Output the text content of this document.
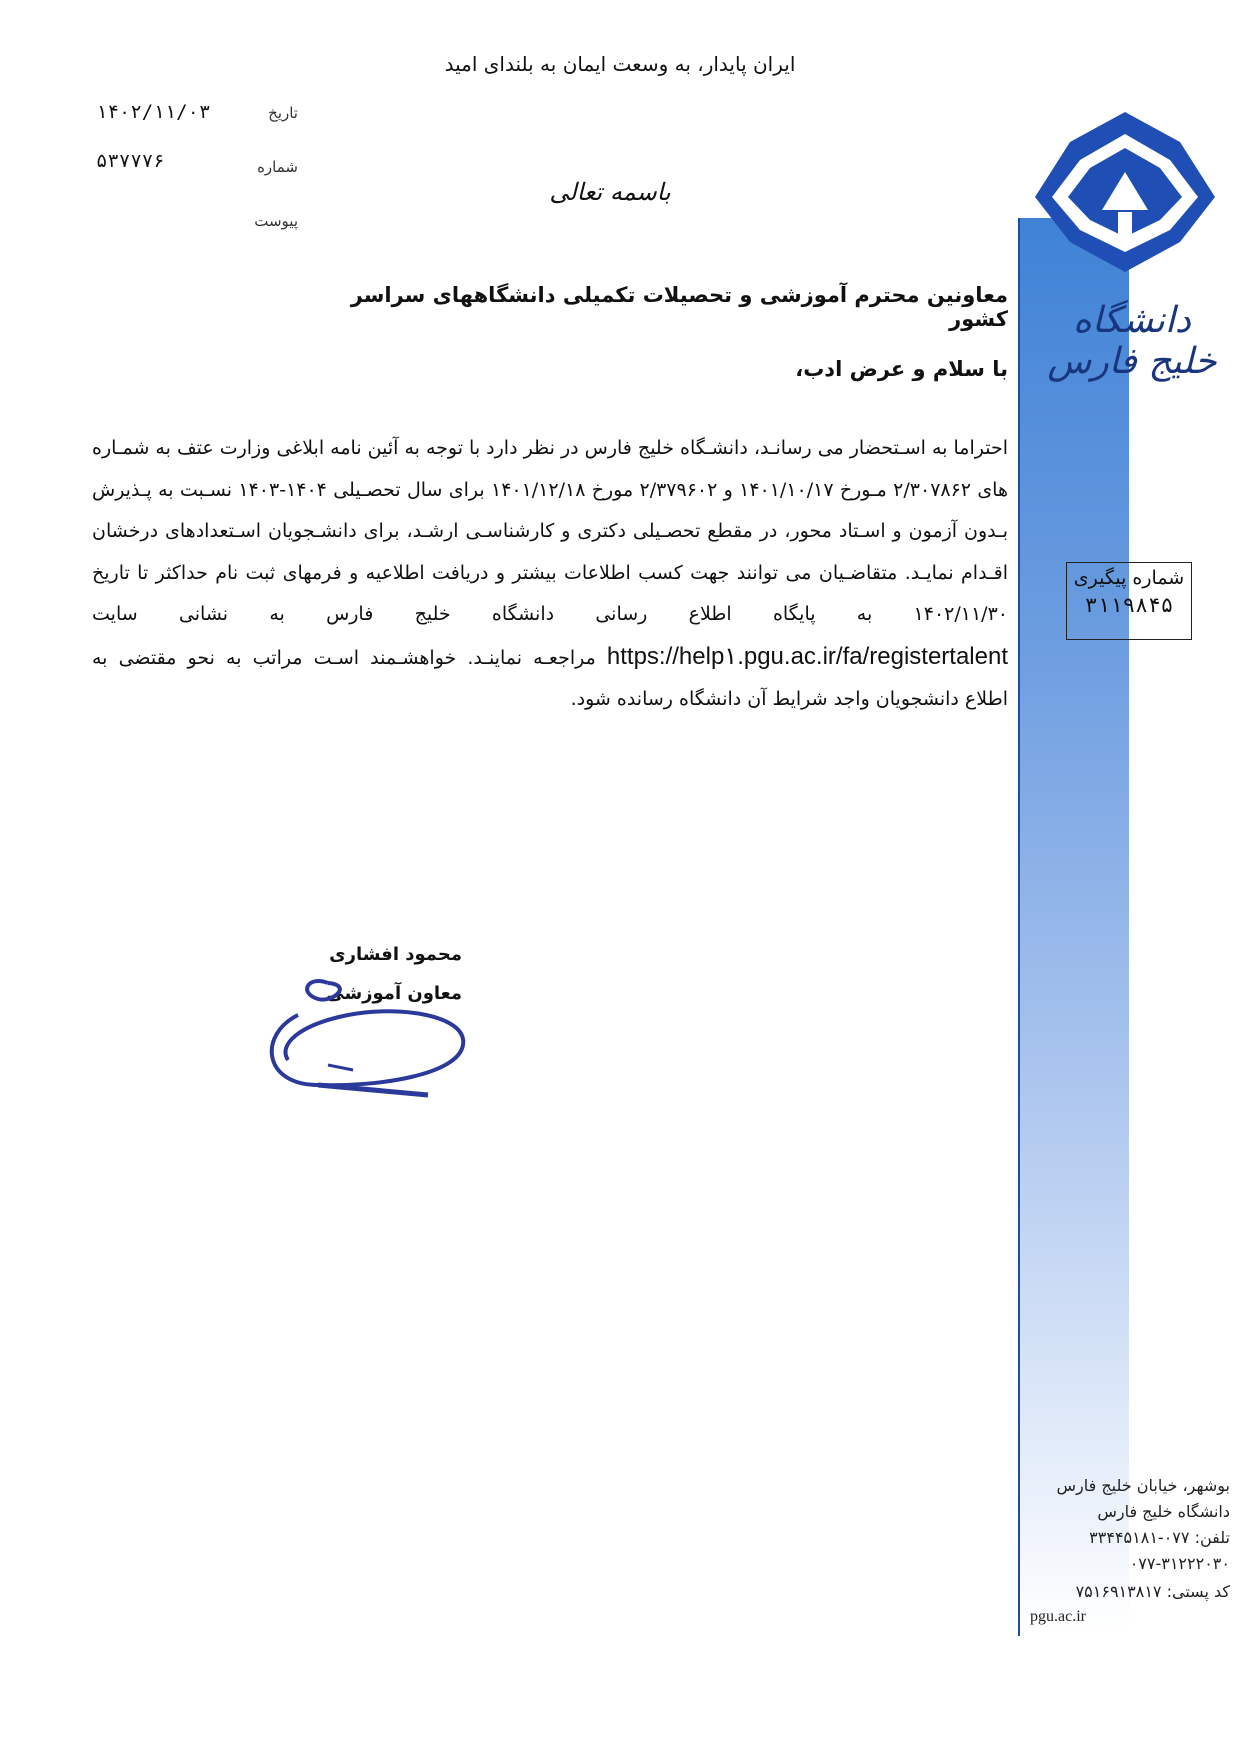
ایران پایدار، به وسعت ایمان به بلندای امید
تاریخ
۱۴۰۲/۱۱/۰۳
شماره
۵۳۷۷۷۶
پیوست
باسمه تعالی
معاونین محترم آموزشی و تحصیلات تکمیلی دانشگاههای سراسر کشور
با سلام و عرض ادب،
احتراما به اسـتحضار می رسانـد، دانشـگاه خلیج فارس در نظر دارد با توجه به آئین نامه ابلاغی وزارت عتف به شمـاره های ۲/۳۰۷۸۶۲ مـورخ ۱۴۰۱/۱۰/۱۷ و ۲/۳۷۹۶۰۲ مورخ ۱۴۰۱/۱۲/۱۸ برای سال تحصـیلی ۱۴۰۴-۱۴۰۳ نسـبت به پـذیرش بـدون آزمون و اسـتاد محور، در مقطع تحصـیلی دکتری و کارشناسـی ارشـد، برای دانشـجویان اسـتعدادهای درخشان اقـدام نمایـد. متقاضـیان می توانند جهت کسب اطلاعات بیشتر و دریافت اطلاعیه و فرمهای ثبت نام حداکثر تا تاریخ ۱۴۰۲/۱۱/۳۰ به پایگاه اطلاع رسانی دانشگاه خلیج فارس به نشانی سایت https://help۱.pgu.ac.ir/fa/registertalent مراجعـه نماینـد. خواهشـمند اسـت مراتب به نحو مقتضی به اطلاع دانشجویان واجد شرایط آن دانشگاه رسانده شود.
محمود افشاری
معاون آموزشی
دانشگاه خلیج فارس
شماره پیگیری
۳۱۱۹۸۴۵
بوشهر، خیابان خلیج فارس
دانشگاه خلیج فارس
تلفن: ۰۷۷-۳۳۴۴۵۱۸۱
۰۷۷-۳۱۲۲۲۰۳۰
کد پستی: ۷۵۱۶۹۱۳۸۱۷
pgu.ac.ir
